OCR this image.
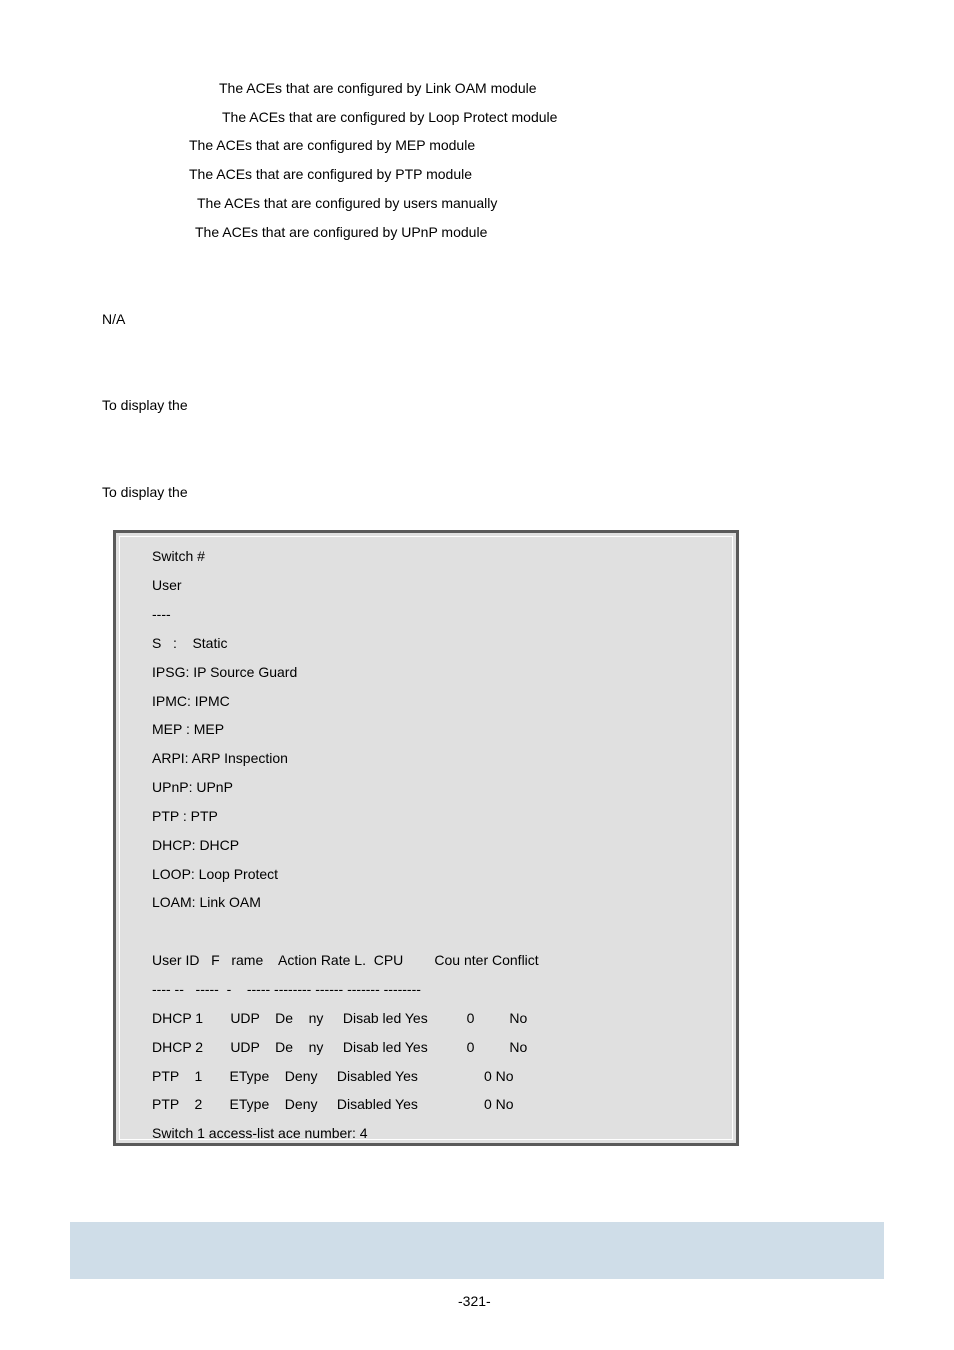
The ACEs that are configured by Link OAM module
The ACEs that are configured by Loop Protect module
The ACEs that are configured by MEP module
The ACEs that are configured by PTP module
The ACEs that are configured by users manually
The ACEs that are configured by UPnP module
N/A
To display the
To display the
Switch #
User
----
S   :    Static
IPSG: IP Source Guard
IPMC: IPMC
MEP : MEP
ARPI: ARP Inspection
UPnP: UPnP
PTP : PTP
DHCP: DHCP
LOOP: Loop Protect
LOAM: Link OAM
User ID   F   rame    Action Rate L.  CPU        Cou nter Conflict
---- --   -----  -    ----- -------- ------ ------- --------
DHCP 1       UDP    De    ny     Disab led Yes          0         No
DHCP 2       UDP    De    ny     Disab led Yes          0         No
PTP    1       EType    Deny     Disabled Yes                 0 No
PTP    2       EType    Deny     Disabled Yes                 0 No
Switch 1 access-list ace number: 4
-321-
